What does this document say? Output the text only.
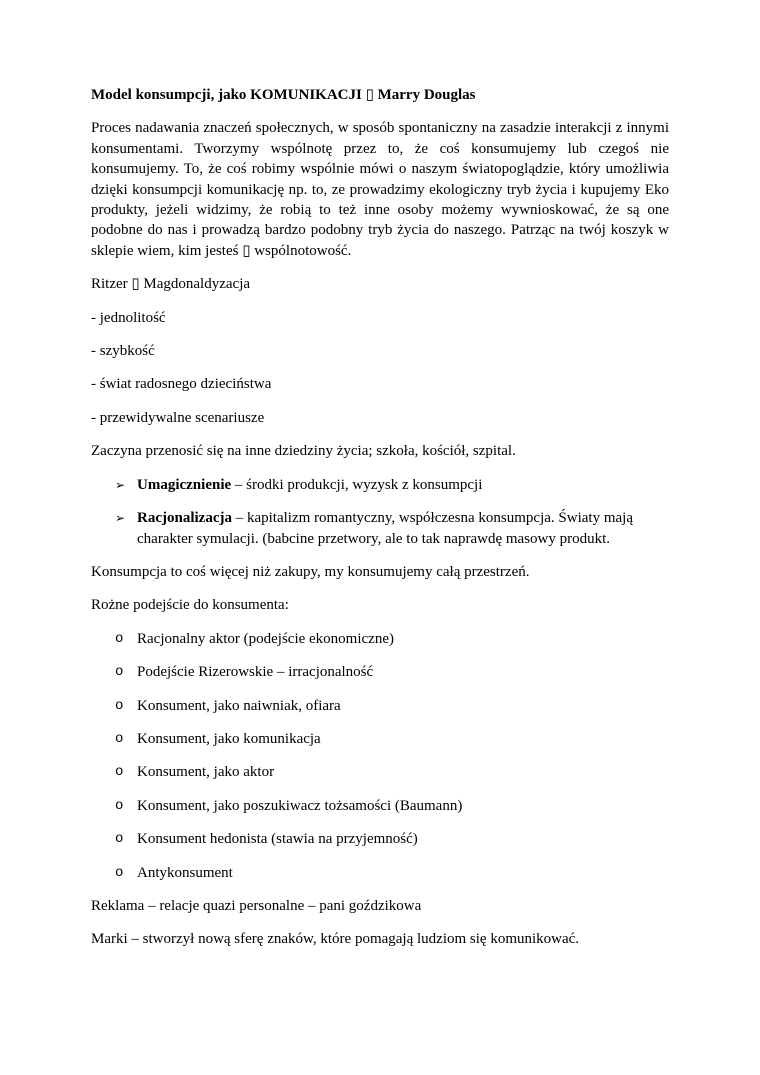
Model konsumpcji, jako KOMUNIKACJI ▯ Marry Douglas

Proces nadawania znaczeń społecznych, w sposób spontaniczny na zasadzie interakcji z innymi konsumentami. Tworzymy wspólnotę przez to, że coś konsumujemy lub czegoś nie konsumujemy. To, że coś robimy wspólnie mówi o naszym światopoglądzie, który umożliwia dzięki konsumpcji komunikację np. to, ze prowadzimy ekologiczny tryb życia i kupujemy Eko produkty, jeżeli widzimy, że robią to też inne osoby możemy wywnioskować, że są one podobne do nas i prowadzą bardzo podobny tryb życia do naszego. Patrząc na twój koszyk w sklepie wiem, kim jesteś ▯ wspólnotowość.

Ritzer ▯ Magdonaldyzacja

- jednolitość

- szybkość

- świat radosnego dzieciństwa

- przewidywalne scenariusze

Zaczyna przenosić się na inne dziedziny życia; szkoła, kościół, szpital.

➢ Umagicznienie – środki produkcji, wyzysk z konsumpcji
➢ Racjonalizacja – kapitalizm romantyczny, współczesna konsumpcja. Światy mają charakter symulacji. (babcine przetwory, ale to tak naprawdę masowy produkt.

Konsumpcja to coś więcej niż zakupy, my konsumujemy całą przestrzeń.

Rożne podejście do konsumenta:

o Racjonalny aktor (podejście ekonomiczne)
o Podejście Rizerowskie – irracjonalność
o Konsument, jako naiwniak, ofiara
o Konsument, jako komunikacja
o Konsument, jako aktor
o Konsument, jako poszukiwacz tożsamości (Baumann)
o Konsument hedonista (stawia na przyjemność)
o Antykonsument

Reklama – relacje quazi personalne – pani goździkowa

Marki – stworzył nową sferę znaków, które pomagają ludziom się komunikować.
